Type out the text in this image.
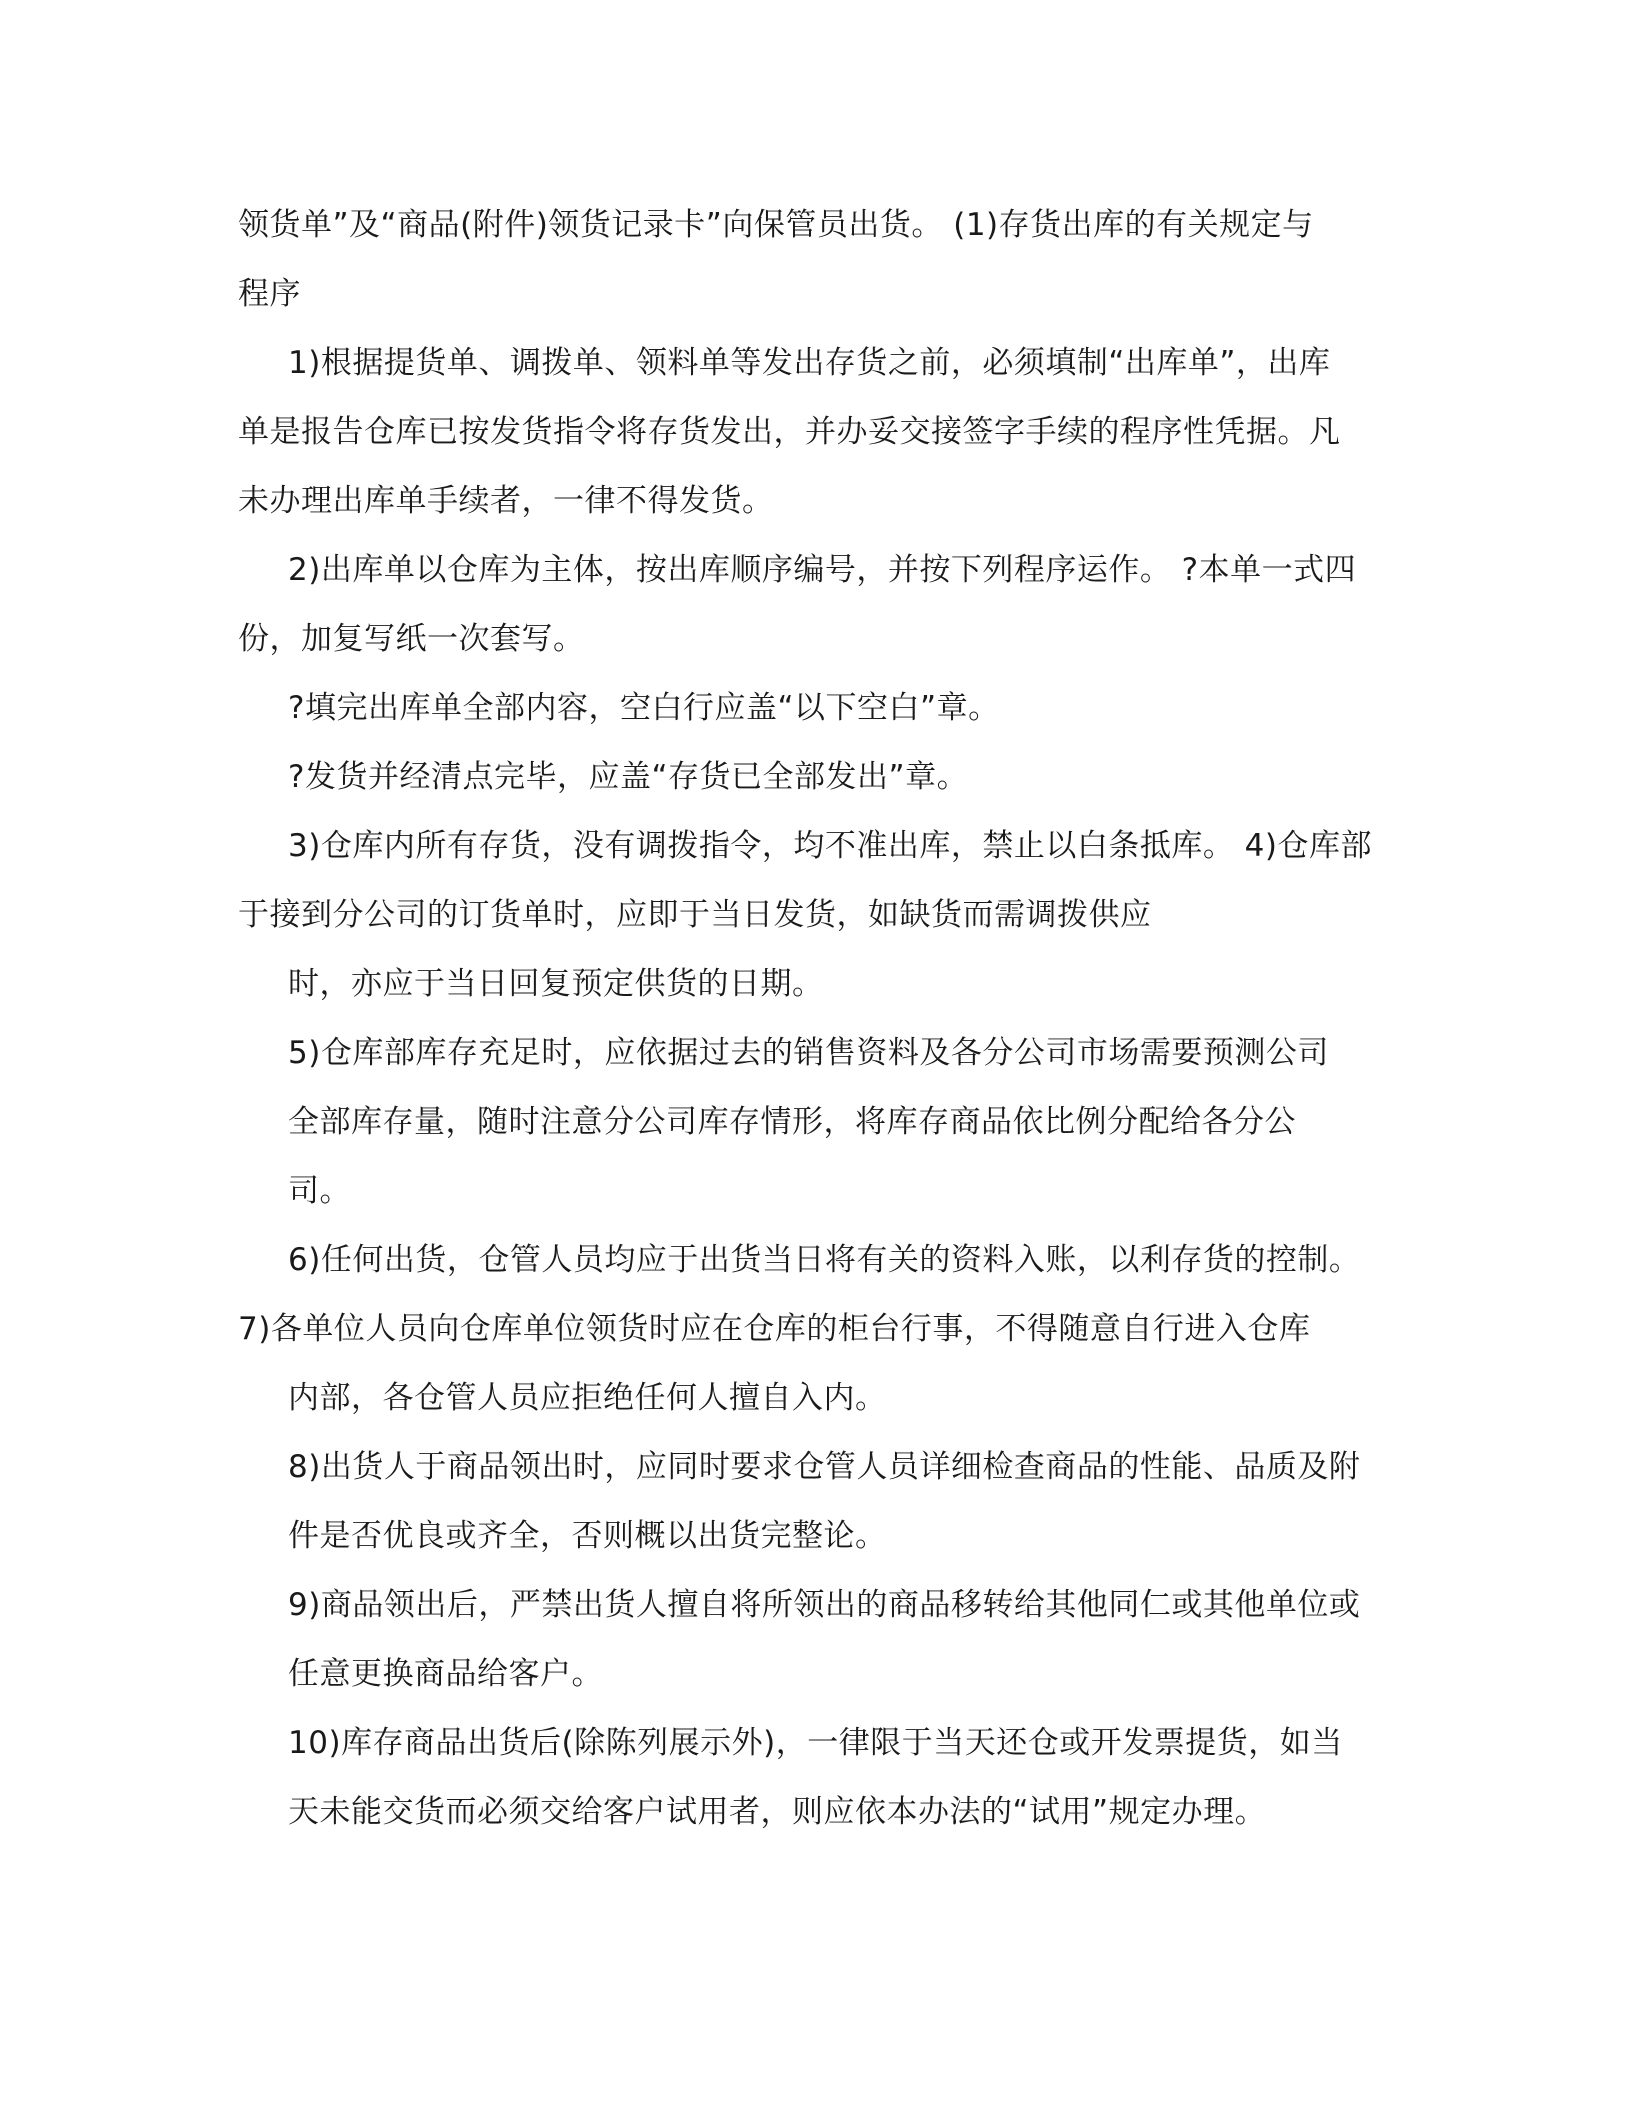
领货单”及“商品(附件)领货记录卡”向保管员出货。 (1)存货出库的有关规定与
程序
1)根据提货单、调拨单、领料单等发出存货之前，必须填制“出库单”，出库
单是报告仓库已按发货指令将存货发出，并办妥交接签字手续的程序性凭据。凡
未办理出库单手续者，一律不得发货。
2)出库单以仓库为主体，按出库顺序编号，并按下列程序运作。 ?本单一式四
份，加复写纸一次套写。
?填完出库单全部内容，空白行应盖“以下空白”章。
?发货并经清点完毕，应盖“存货已全部发出”章。
3)仓库内所有存货，没有调拨指令，均不准出库，禁止以白条抵库。 4)仓库部
于接到分公司的订货单时，应即于当日发货，如缺货而需调拨供应
时，亦应于当日回复预定供货的日期。
5)仓库部库存充足时，应依据过去的销售资料及各分公司市场需要预测公司
全部库存量，随时注意分公司库存情形，将库存商品依比例分配给各分公
司。
6)任何出货，仓管人员均应于出货当日将有关的资料入账，以利存货的控制。
7)各单位人员向仓库单位领货时应在仓库的柜台行事，不得随意自行进入仓库
内部，各仓管人员应拒绝任何人擅自入内。
8)出货人于商品领出时，应同时要求仓管人员详细检查商品的性能、品质及附
件是否优良或齐全，否则概以出货完整论。
9)商品领出后，严禁出货人擅自将所领出的商品移转给其他同仁或其他单位或
任意更换商品给客户。
10)库存商品出货后(除陈列展示外)，一律限于当天还仓或开发票提货，如当
天未能交货而必须交给客户试用者，则应依本办法的“试用”规定办理。
